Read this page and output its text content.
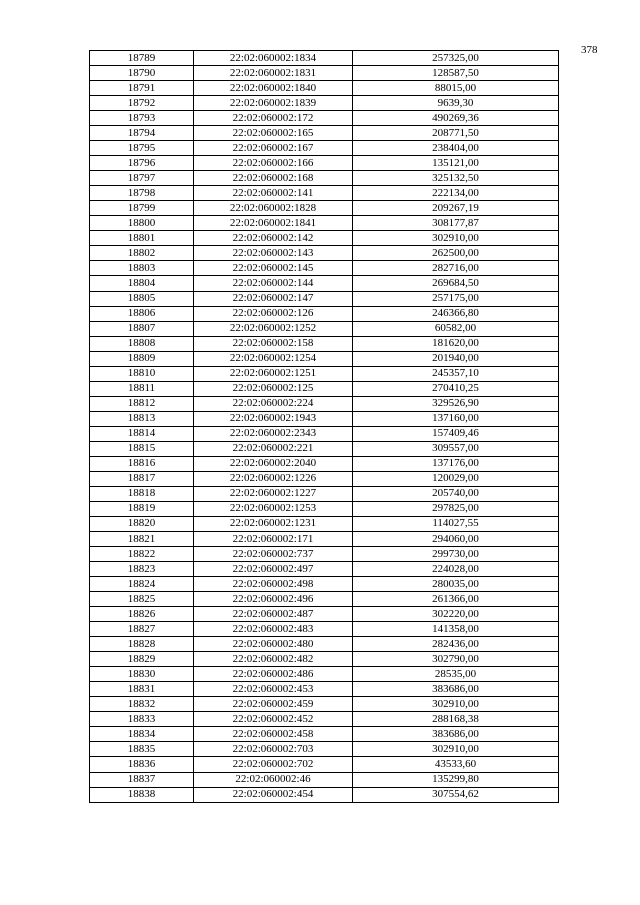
378
18789	22:02:060002:1834	257325,00
18790	22:02:060002:1831	128587,50
18791	22:02:060002:1840	88015,00
18792	22:02:060002:1839	9639,30
18793	22:02:060002:172	490269,36
18794	22:02:060002:165	208771,50
18795	22:02:060002:167	238404,00
18796	22:02:060002:166	135121,00
18797	22:02:060002:168	325132,50
18798	22:02:060002:141	222134,00
18799	22:02:060002:1828	209267,19
18800	22:02:060002:1841	308177,87
18801	22:02:060002:142	302910,00
18802	22:02:060002:143	262500,00
18803	22:02:060002:145	282716,00
18804	22:02:060002:144	269684,50
18805	22:02:060002:147	257175,00
18806	22:02:060002:126	246366,80
18807	22:02:060002:1252	60582,00
18808	22:02:060002:158	181620,00
18809	22:02:060002:1254	201940,00
18810	22:02:060002:1251	245357,10
18811	22:02:060002:125	270410,25
18812	22:02:060002:224	329526,90
18813	22:02:060002:1943	137160,00
18814	22:02:060002:2343	157409,46
18815	22:02:060002:221	309557,00
18816	22:02:060002:2040	137176,00
18817	22:02:060002:1226	120029,00
18818	22:02:060002:1227	205740,00
18819	22:02:060002:1253	297825,00
18820	22:02:060002:1231	114027,55
18821	22:02:060002:171	294060,00
18822	22:02:060002:737	299730,00
18823	22:02:060002:497	224028,00
18824	22:02:060002:498	280035,00
18825	22:02:060002:496	261366,00
18826	22:02:060002:487	302220,00
18827	22:02:060002:483	141358,00
18828	22:02:060002:480	282436,00
18829	22:02:060002:482	302790,00
18830	22:02:060002:486	28535,00
18831	22:02:060002:453	383686,00
18832	22:02:060002:459	302910,00
18833	22:02:060002:452	288168,38
18834	22:02:060002:458	383686,00
18835	22:02:060002:703	302910,00
18836	22:02:060002:702	43533,60
18837	22:02:060002:46	135299,80
18838	22:02:060002:454	307554,62
